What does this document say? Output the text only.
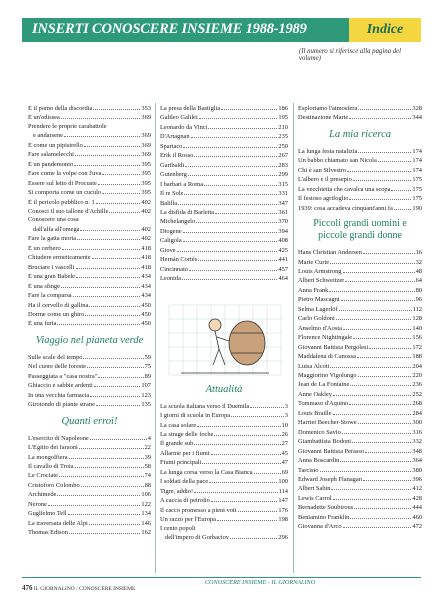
INSERTI CONOSCERE INSIEME 1988-1989	Indice
(Il numero si riferisce alla pagina del volume)
È il pomo della discordia	353
È un'odissea	369
Prendere le proprie carabattole
e andarsene	369
È come un pipistrello	369
Fare salamelecchi	369
È un pandemonio	395
Fare come la volpe con l'uva	395
Essere sul letto di Procuste	395
Si comporta come un cuculo	395
È il pericolo pubblico n. 1	402
Conosci il suo tallone d'Achille	402
Conoscere una cosa
dall'alfa all'omega	402
Fare la gatta morta	402
È un cerbero	418
Chiudere ermeticamente	418
Bruciare i vascelli	418
È una gran Babele	434
È una sfinge	434
Fare la comparsa	434
Ha il cervello di gallina	450
Dorme come un ghiro	450
È una furia	450
Viaggio nel pianeta verde
Sulle scale del tempo	59
Nel cuore delle foreste	75
Passeggiata a "casa nostra"	89
Ghiaccio e sabbie ardenti	107
In una vecchia farmacia	123
Girotondo di piante strane	135
Quanti erroi!
L'esercito di Napoleone	4
L'Egitto dei faraoni	22
La mongolfiera	39
Il cavallo di Troia	58
Le Crociate	74
Cristoforo Colombo	88
Archimede	106
Nerone	122
Guglielmo Tell	134
La traversata delle Alpi	146
Thomas Edison	162
La presa della Bastiglia	186
Galileo Galilei	195
Leonardo da Vinci	210
D'Artagnan	235
Spartaco	250
Erik il Rosso	267
Garibaldi	283
Gutenberg	299
I barbari a Roma	315
Il re Sole	331
Balilla	347
La disfida di Barletta	361
Michelangelo	370
Diogene	394
Caligola	408
Giove	425
Hernán Cortés	441
Cincinnato	457
Leonida	464
Attualità
La scuola italiana verso il Duemila	3
I giorni di scuola in Europa	3
La casa solare	10
La strage delle foche	26
Il grande sub	27
Allarme per i fiumi	45
Fiumi principali	47
La lunga corsa verso la Casa Bianca	69
I soldati della pace	100
Tigre, addio!	114
A caccia di petrolio	147
Il cacco promesso a pieni voti	176
Un razzo per l'Europa	198
I cento popoli
dell'impero di Gorbaciov	296
Esploriamo l'atmosfera	328
Destinazione Marte	344
La mia ricerca
La lunga festa natalizia	174
Un babbo chiamato san Nicola	174
Chi è san Silvestro	174
L'albero e il presepio	175
La vecchietta che cavalca una scopa	175
Il festoso agrifoglio	175
1939: cosa accadeva cinquant'anni fa	190
Piccoli grandi uomini e piccole grandi donne
Hans Christian Andersen	16
Marie Curie	32
Louis Armstrong	48
Albert Schweitzer	64
Anna Frank	80
Pietro Mascagni	96
Selma Lagerlöf	112
Carlo Goldoni	128
Anselmo d'Aosta	140
Florence Nightingale	156
Giovanni Battista Pergolesi	172
Maddalena di Canossa	188
Luisa Alcott	204
Maggiorino Vigolungo	220
Jean de La Fontaine	236
Anne Oakley	252
Tommaso d'Aquino	268
Louis Braille	284
Harriet Beecher-Stowe	300
Domenico Savio	316
Giambattista Bodoni	332
Giovanni Battista Perasso	348
Anna Boscardin	364
Tarcisio	380
Edward Joseph Flanagan	396
Albert Sabin	412
Lewis Carrol	428
Bernadette Soubirous	444
Beniamino Franklin	460
Giovanna d'Arco	472
476 IL GIORNALINO / CONOSCERE INSIEME
CONOSCERE INSIEME - IL GIORNALINO
